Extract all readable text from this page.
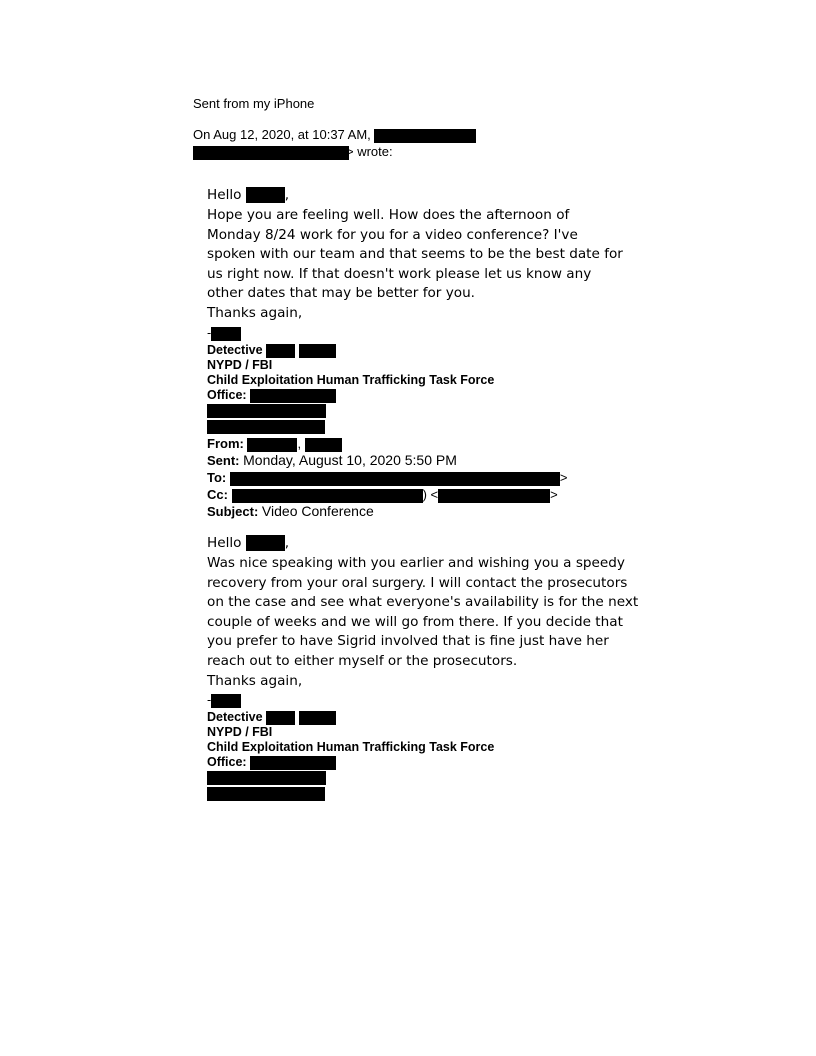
Sent from my iPhone
On Aug 12, 2020, at 10:37 AM,
> wrote:
Hello	,
Hope you are feeling well. How does the afternoon of
Monday 8/24 work for you for a video conference? I've
spoken with our team and that seems to be the best date for
us right now. If that doesn't work please let us know any
other dates that may be better for you.
Thanks again,
-
Detective
NYPD / FBI
Child Exploitation Human Trafficking Task Force
Office:
From:	,
Sent: Monday, August 10, 2020 5:50 PM
To:	>
Cc:	) <	>
Subject: Video Conference
Hello	,
Was nice speaking with you earlier and wishing you a speedy
recovery from your oral surgery. I will contact the prosecutors
on the case and see what everyone's availability is for the next
couple of weeks and we will go from there. If you decide that
you prefer to have Sigrid involved that is fine just have her
reach out to either myself or the prosecutors.
Thanks again,
-
Detective
NYPD / FBI
Child Exploitation Human Trafficking Task Force
Office:
